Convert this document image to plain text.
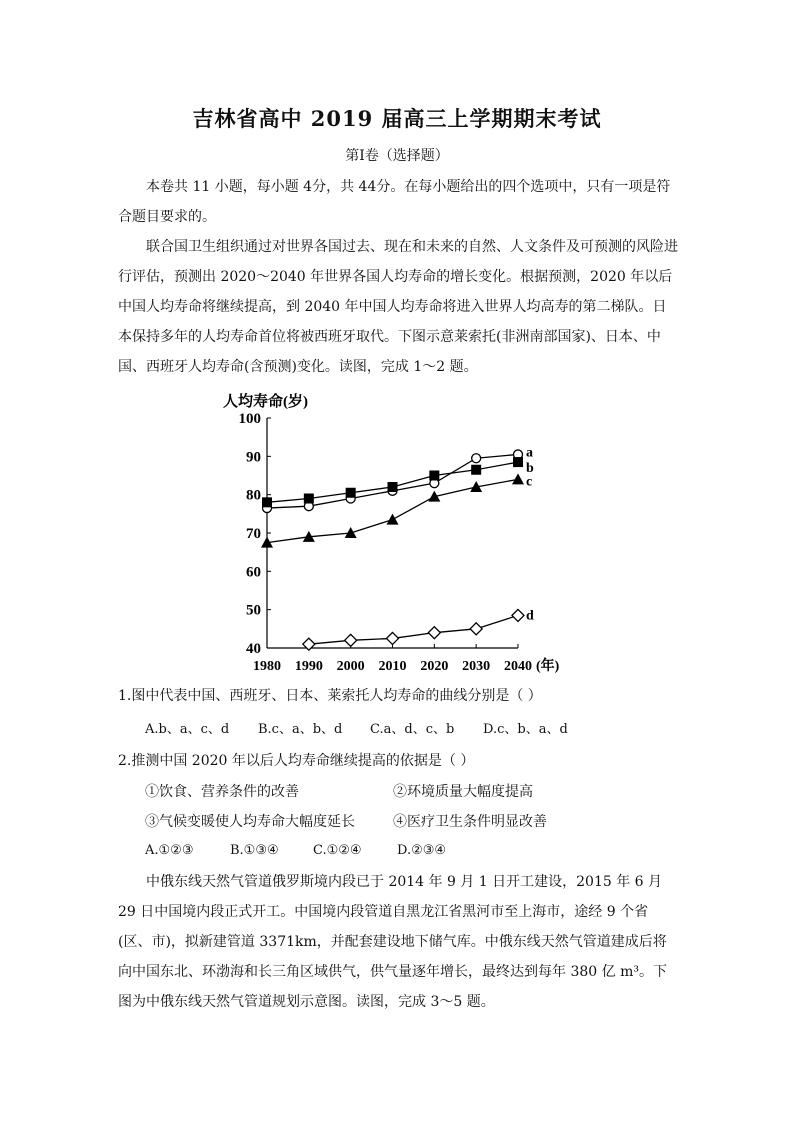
吉林省高中 2019 届高三上学期期末考试
第Ⅰ卷（选择题）

本卷共 11 小题，每小题 4分，共 44分。在每小题给出的四个选项中，只有一项是符合题目要求的。

联合国卫生组织通过对世界各国过去、现在和未来的自然、人文条件及可预测的风险进行评估，预测出 2020～2040 年世界各国人均寿命的增长变化。根据预测，2020 年以后中国人均寿命将继续提高，到 2040 年中国人均寿命将进入世界人均高寿的第二梯队。日本保持多年的人均寿命首位将被西班牙取代。下图示意莱索托(非洲南部国家)、日本、中国、西班牙人均寿命(含预测)变化。读图，完成 1～2 题。

40
50
60
70
80
90
100
1980 1990 2000 2010 2020 2030 2040
人均寿命(岁)
(年)
a
b
c
d
1.图中代表中国、西班牙、日本、莱索托人均寿命的曲线分别是（ ）
A.b、a、c、d B.c、a、b、d C.a、d、c、b D.c、b、a、d
2.推测中国 2020 年以后人均寿命继续提高的依据是（ ）
①饮食、营养条件的改善	②环境质量大幅度提高
③气候变暖使人均寿命大幅度延长	④医疗卫生条件明显改善
A.①②③	B.①③④	C.①②④	D.②③④

中俄东线天然气管道俄罗斯境内段已于 2014 年 9 月 1 日开工建设，2015 年 6 月 29 日中国境内段正式开工。中国境内段管道自黑龙江省黑河市至上海市，途经 9 个省(区、市)，拟新建管道 3371km，并配套建设地下储气库。中俄东线天然气管道建成后将向中国东北、环渤海和长三角区域供气，供气量逐年增长，最终达到每年 380 亿 m³。下图为中俄东线天然气管道规划示意图。读图，完成 3～5 题。
